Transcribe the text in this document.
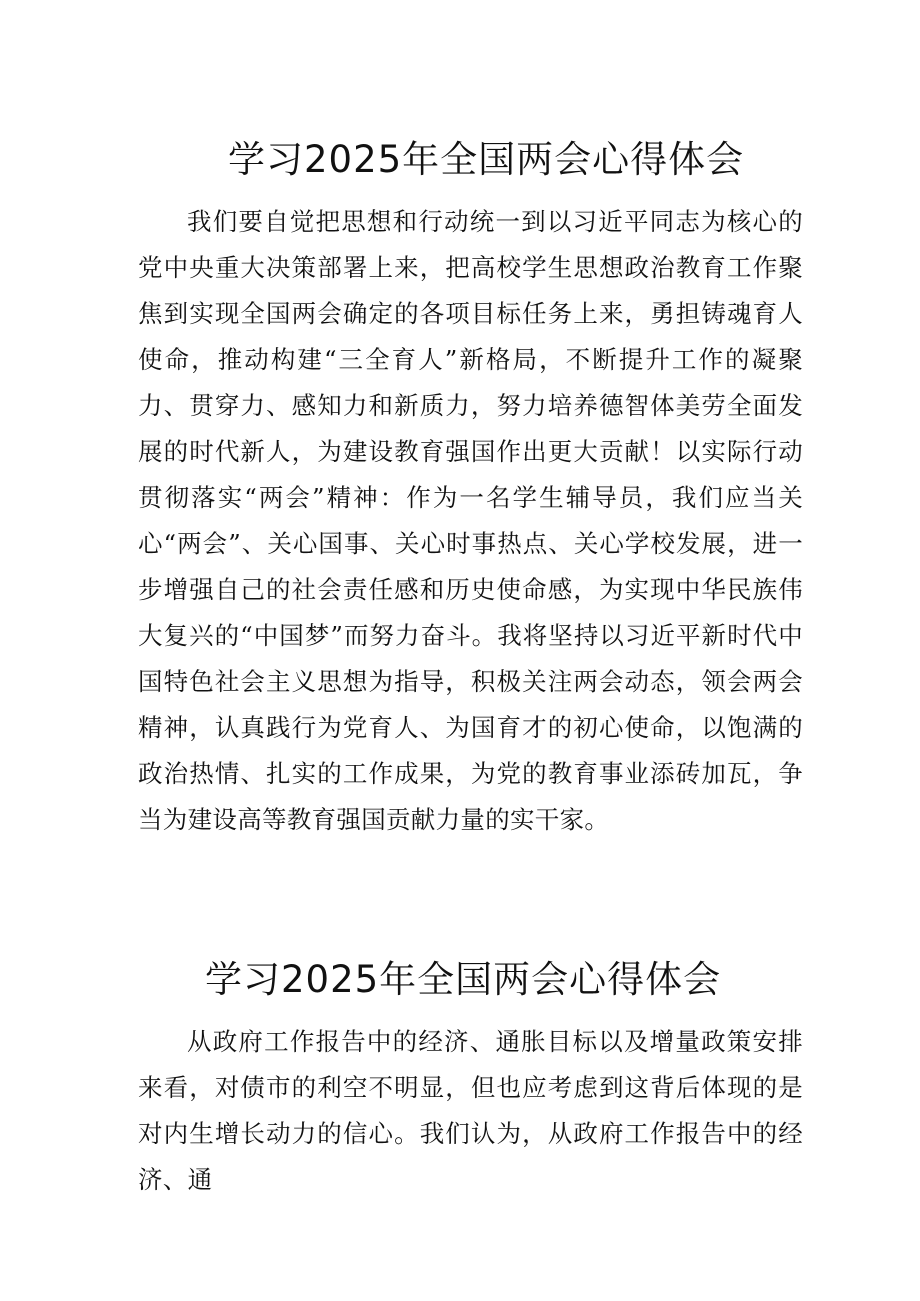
学习2025年全国两会心得体会

我们要自觉把思想和行动统一到以习近平同志为核心的党中央重大决策部署上来，把高校学生思想政治教育工作聚焦到实现全国两会确定的各项目标任务上来，勇担铸魂育人使命，推动构建“三全育人”新格局，不断提升工作的凝聚力、贯穿力、感知力和新质力，努力培养德智体美劳全面发展的时代新人，为建设教育强国作出更大贡献！以实际行动贯彻落实“两会”精神：作为一名学生辅导员，我们应当关心“两会”、关心国事、关心时事热点、关心学校发展，进一步增强自己的社会责任感和历史使命感，为实现中华民族伟大复兴的“中国梦”而努力奋斗。我将坚持以习近平新时代中国特色社会主义思想为指导，积极关注两会动态，领会两会精神，认真践行为党育人、为国育才的初心使命，以饱满的政治热情、扎实的工作成果，为党的教育事业添砖加瓦，争当为建设高等教育强国贡献力量的实干家。

学习2025年全国两会心得体会

从政府工作报告中的经济、通胀目标以及增量政策安排来看，对债市的利空不明显，但也应考虑到这背后体现的是对内生增长动力的信心。我们认为，从政府工作报告中的经济、通
